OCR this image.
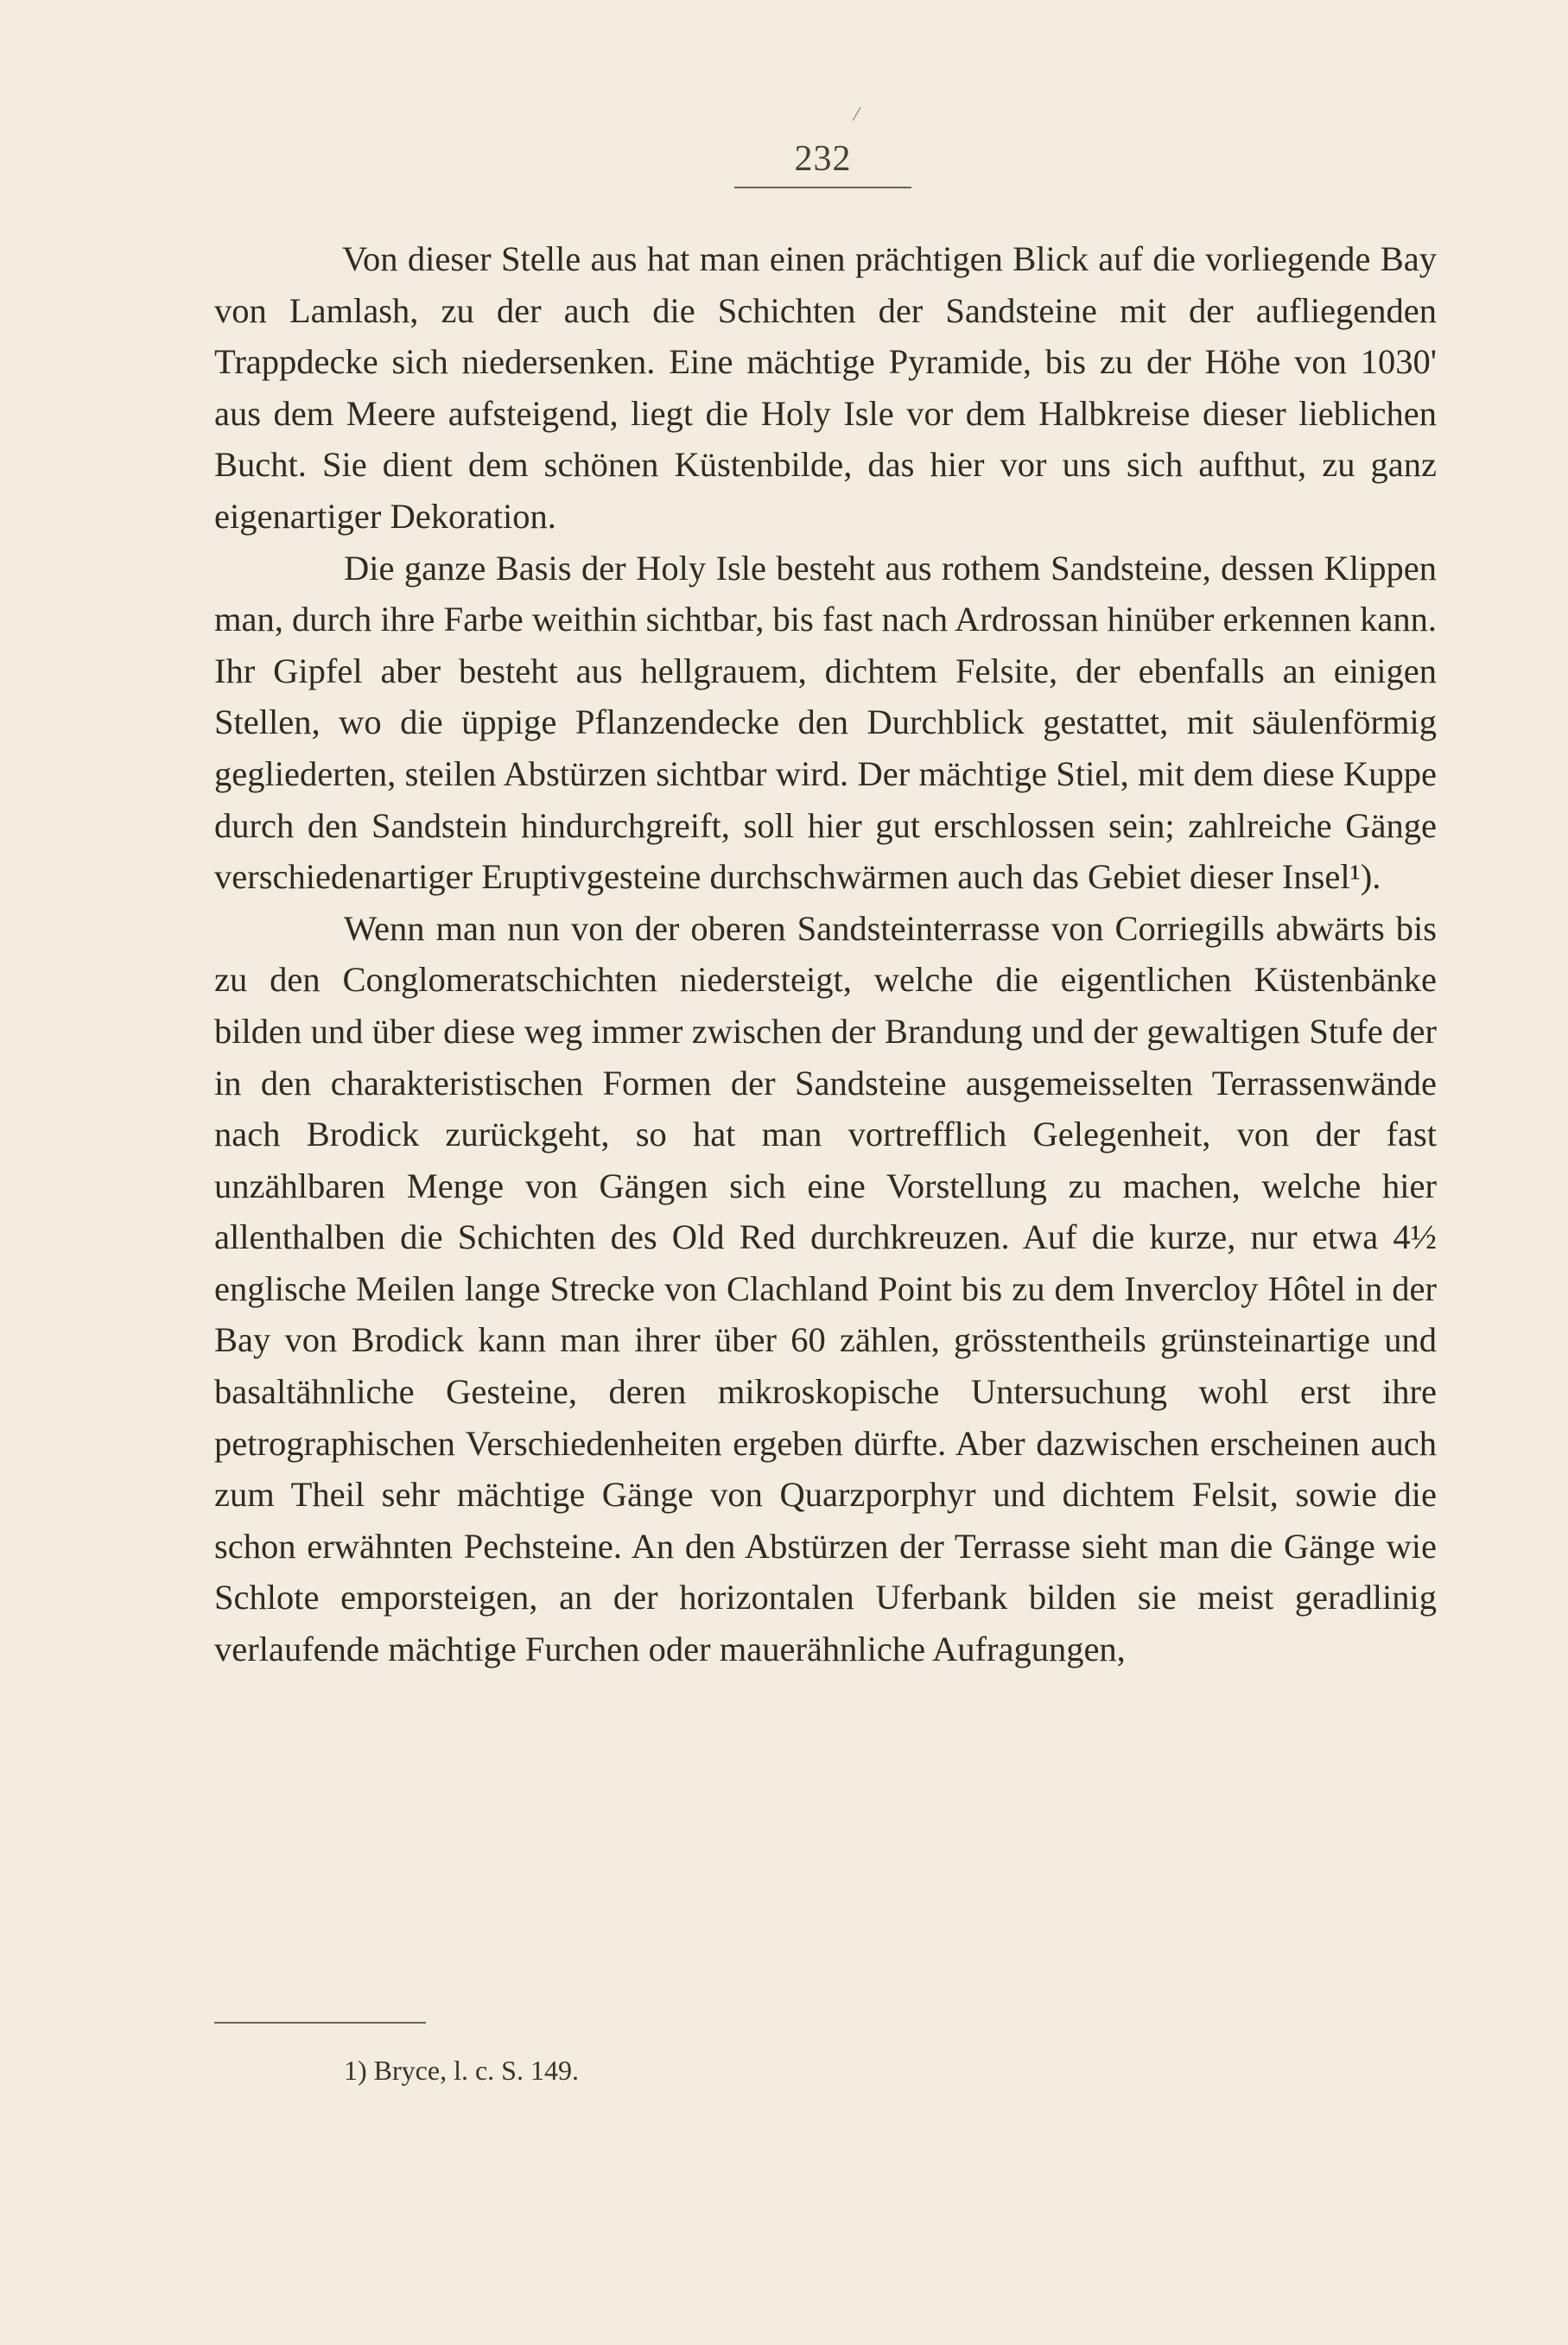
232

Von dieser Stelle aus hat man einen prächtigen Blick auf die vorliegende Bay von Lamlash, zu der auch die Schichten der Sandsteine mit der aufliegenden Trappdecke sich niedersenken. Eine mächtige Pyramide, bis zu der Höhe von 1030' aus dem Meere aufsteigend, liegt die Holy Isle vor dem Halbkreise dieser lieblichen Bucht. Sie dient dem schönen Küstenbilde, das hier vor uns sich aufthut, zu ganz eigenartiger Dekoration.

Die ganze Basis der Holy Isle besteht aus rothem Sandsteine, dessen Klippen man, durch ihre Farbe weithin sichtbar, bis fast nach Ardrossan hinüber erkennen kann. Ihr Gipfel aber besteht aus hellgrauem, dichtem Felsite, der ebenfalls an einigen Stellen, wo die üppige Pflanzendecke den Durchblick gestattet, mit säulenförmig gegliederten, steilen Abstürzen sichtbar wird. Der mächtige Stiel, mit dem diese Kuppe durch den Sandstein hindurchgreift, soll hier gut erschlossen sein; zahlreiche Gänge verschiedenartiger Eruptivgesteine durchschwärmen auch das Gebiet dieser Insel¹).

Wenn man nun von der oberen Sandsteinterrasse von Corriegills abwärts bis zu den Conglomeratschichten niedersteigt, welche die eigentlichen Küstenbänke bilden und über diese weg immer zwischen der Brandung und der gewaltigen Stufe der in den charakteristischen Formen der Sandsteine ausgemeisselten Terrassenwände nach Brodick zurückgeht, so hat man vortrefflich Gelegenheit, von der fast unzählbaren Menge von Gängen sich eine Vorstellung zu machen, welche hier allenthalben die Schichten des Old Red durchkreuzen. Auf die kurze, nur etwa 4½ englische Meilen lange Strecke von Clachland Point bis zu dem Invercloy Hôtel in der Bay von Brodick kann man ihrer über 60 zählen, grösstentheils grünsteinartige und basaltähnliche Gesteine, deren mikroskopische Untersuchung wohl erst ihre petrographischen Verschiedenheiten ergeben dürfte. Aber dazwischen erscheinen auch zum Theil sehr mächtige Gänge von Quarzporphyr und dichtem Felsit, sowie die schon erwähnten Pechsteine. An den Abstürzen der Terrasse sieht man die Gänge wie Schlote emporsteigen, an der horizontalen Uferbank bilden sie meist geradlinig verlaufende mächtige Furchen oder mauerähnliche Aufragungen,

1) Bryce, l. c. S. 149.
⁄
